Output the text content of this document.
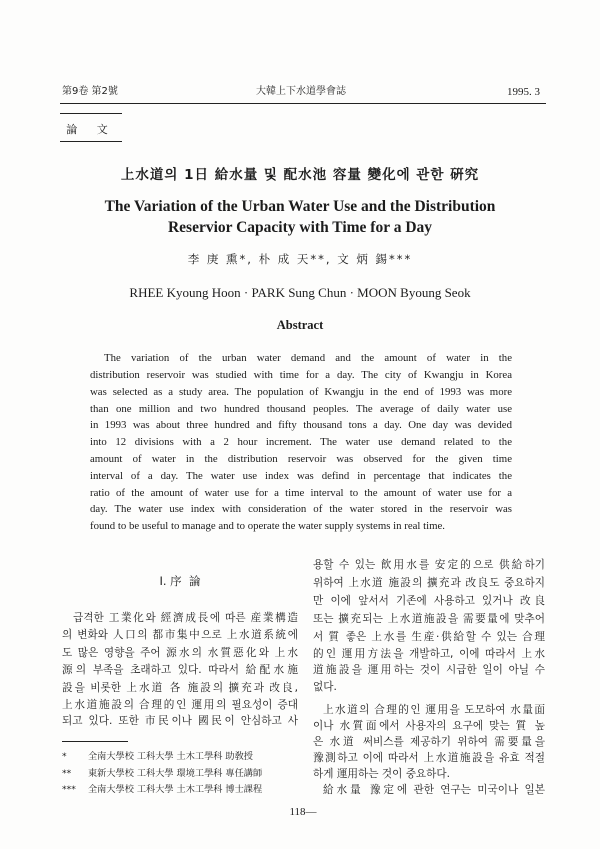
第9卷 第2號	大韓上下水道學會誌	1995. 3
論 文
上水道의 1日 給水量 및 配水池 容量 變化에 관한 硏究
The Variation of the Urban Water Use and the Distribution
Reservior Capacity with Time for a Day
李 庚 熏*, 朴 成 天**, 文 炳 錫***
RHEE Kyoung Hoon · PARK Sung Chun · MOON Byoung Seok
Abstract
The variation of the urban water demand and the amount of water in the
distribution reservoir was studied with time for a day. The city of Kwangju in Korea
was selected as a study area. The population of Kwangju in the end of 1993 was more
than one million and two hundred thousand peoples. The average of daily water use
in 1993 was about three hundred and fifty thousand tons a day. One day was devided
into 12 divisions with a 2 hour increment. The water use demand related to the
amount of water in the distribution reservoir was observed for the given time
interval of a day. The water use index was defind in percentage that indicates the
ratio of the amount of water use for a time interval to the amount of water use for a
day. The water use index with consideration of the water stored in the reservoir was
found to be useful to manage and to operate the water supply systems in real time.
Ⅰ. 序  論
급격한 工業化와 經濟成長에 따른 産業構造
의 변화와 人口의 都市集中으로 上水道系統에
도 많은 영향을 주어 源水의 水質惡化와 上水
源의 부족을 초래하고 있다. 따라서 給配水施
設을 비롯한 上水道 各 施設의 擴充과 改良,
上水道施設의 合理的인 運用의 필요성이 증대
되고 있다. 또한 市民이나 國民이 안심하고 사
* 全南大學校 工科大學 土木工學科 助敎授
** 東新大學校 工科大學 環境工學科 專任講師
*** 全南大學校 工科大學 土木工學科 博士課程
용할 수 있는 飮用水를 安定的으로 供給하기
위하여 上水道 施設의 擴充과 改良도 중요하지
만 이에 앞서서 기존에 사용하고 있거나 改良
또는 擴充되는 上水道施設을 需要量에 맞추어
서 質 좋은 上水를 生産·供給할 수 있는 合理
的인 運用方法을 개발하고, 이에 따라서 上水
道施設을 運用하는 것이 시급한 일이 아닐 수
없다.
上水道의 合理的인 運用을 도모하여 水量面
이나 水質面에서 사용자의 요구에 맞는 質 높
은 水道 써비스를 제공하기 위하여 需要量을
豫測하고 이에 따라서 上水道施設을 유효 적절
하게 運用하는 것이 중요하다.
給水量 豫定에 관한 연구는 미국이나 일본
118—
